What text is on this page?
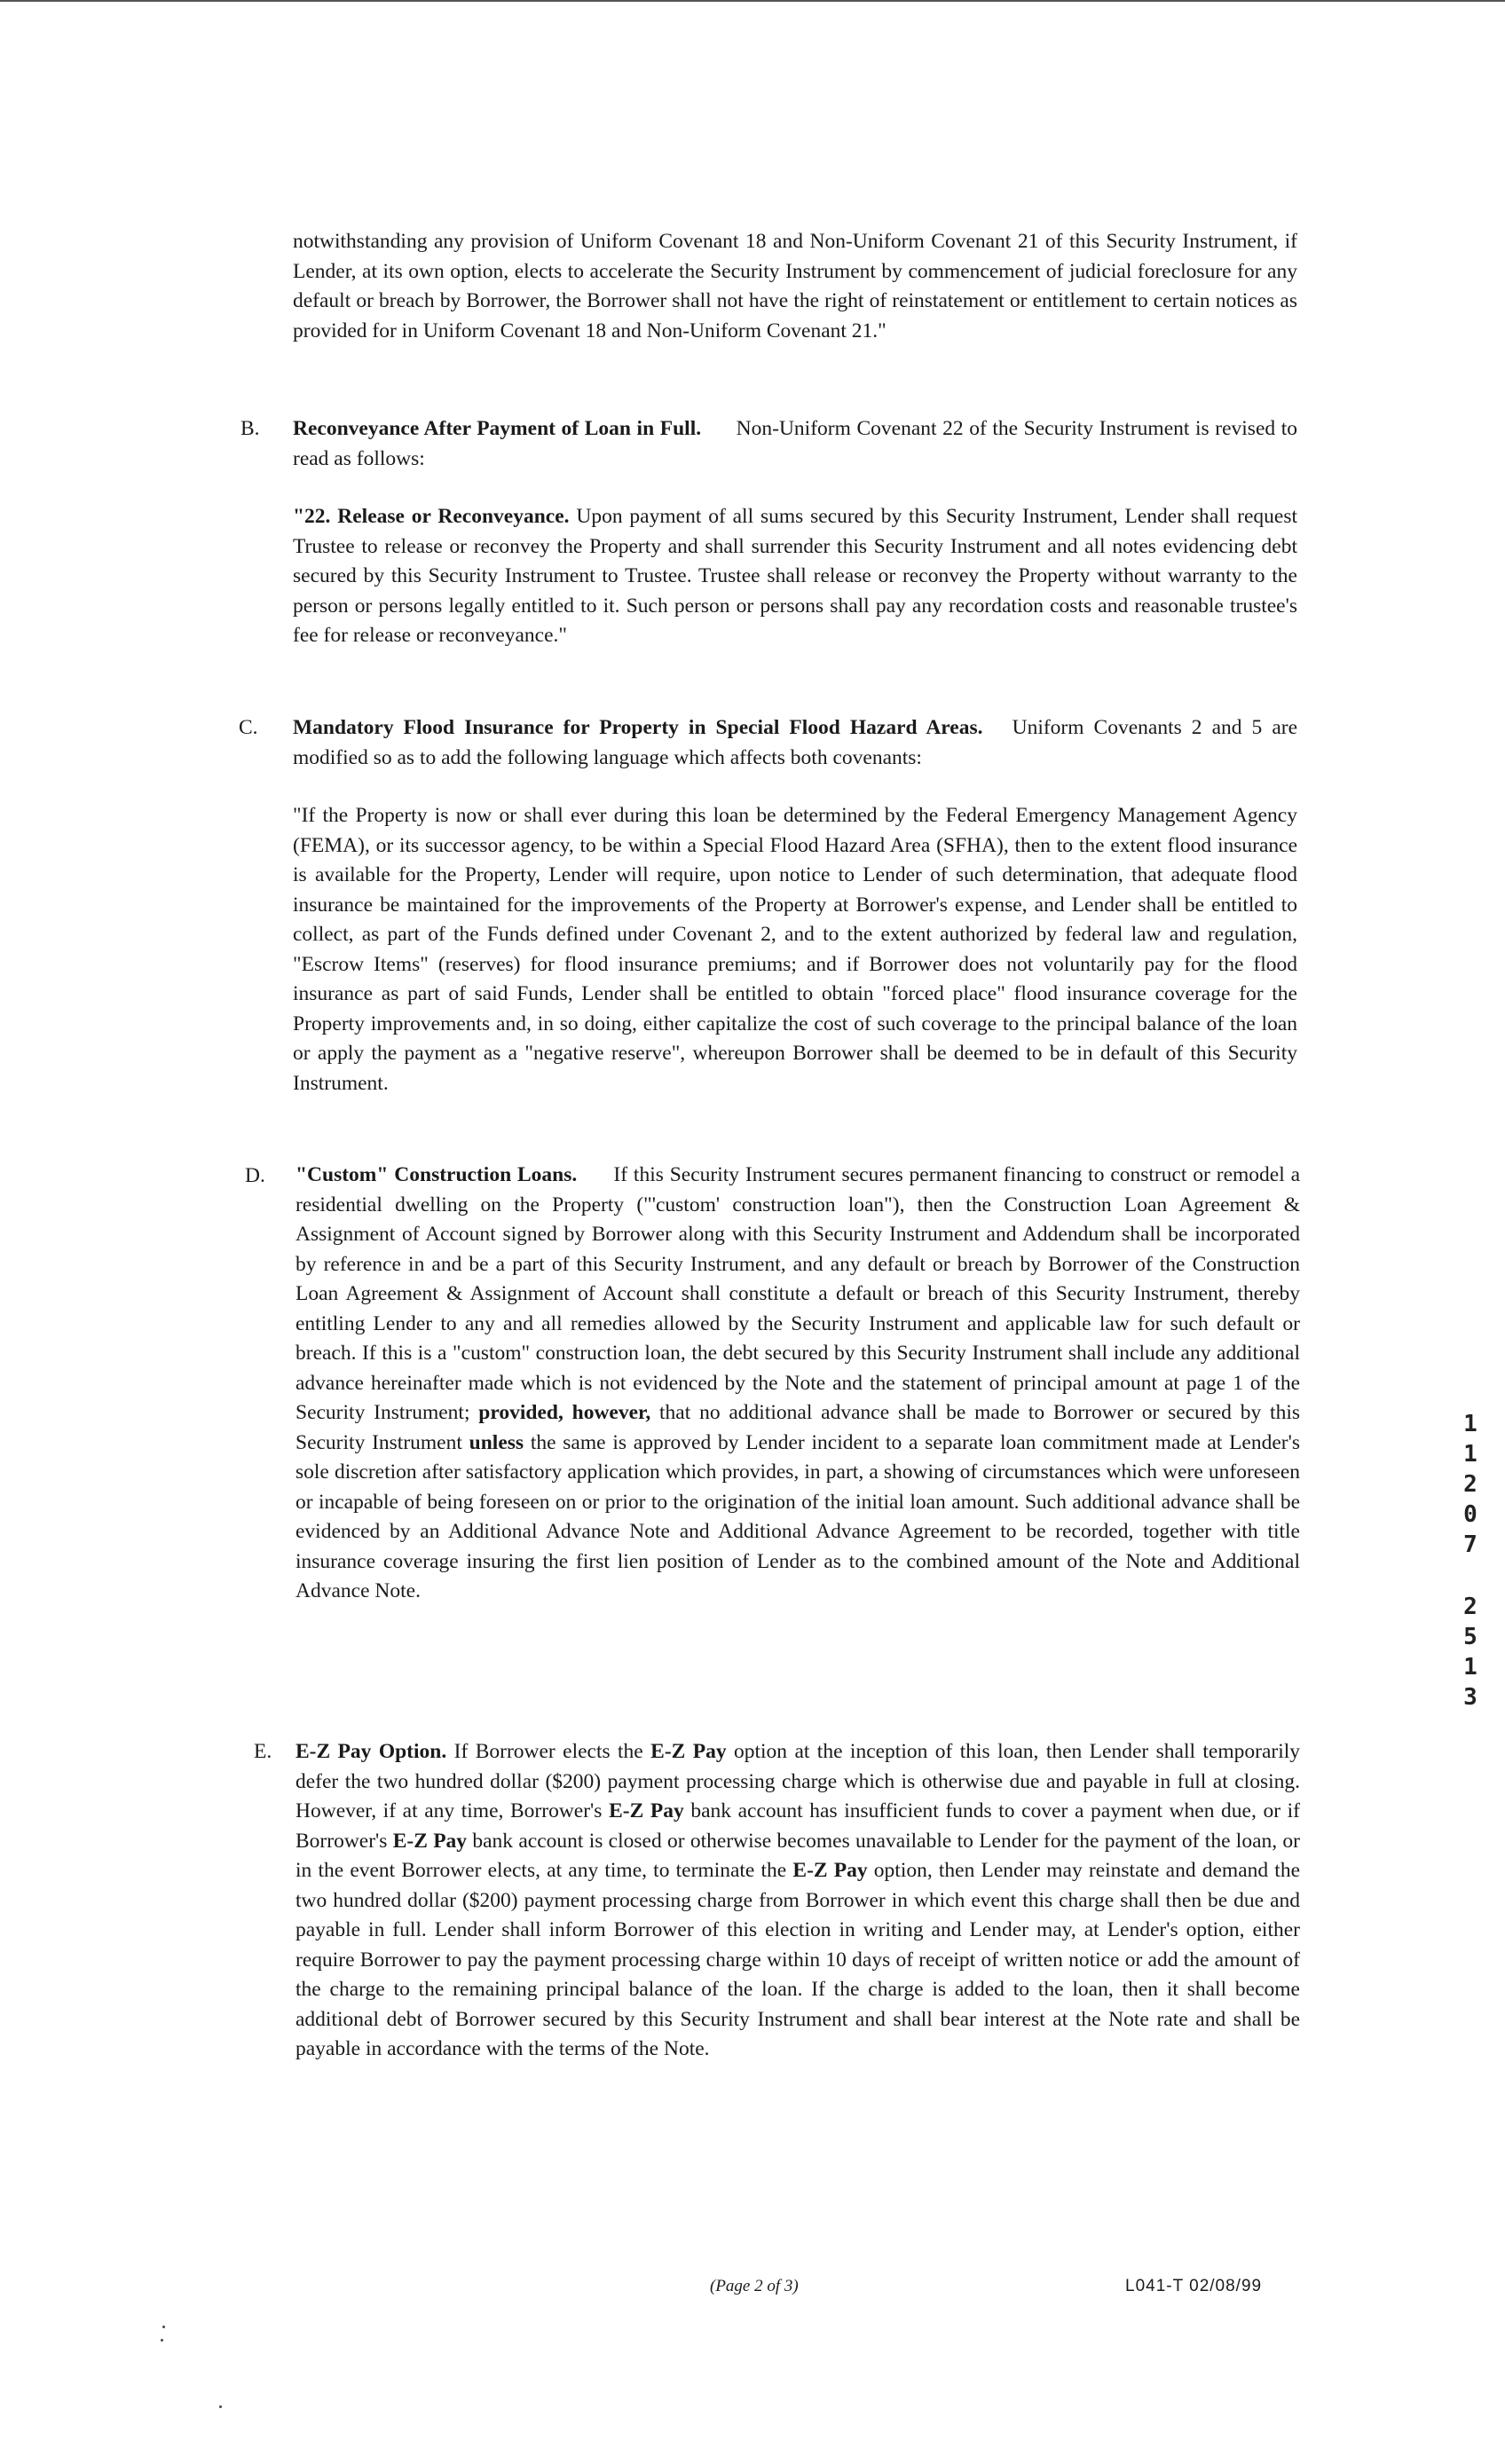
notwithstanding any provision of Uniform Covenant 18 and Non-Uniform Covenant 21 of this Security Instrument, if Lender, at its own option, elects to accelerate the Security Instrument by commencement of judicial foreclosure for any default or breach by Borrower, the Borrower shall not have the right of reinstatement or entitlement to certain notices as provided for in Uniform Covenant 18 and Non-Uniform Covenant 21."

B. Reconveyance After Payment of Loan in Full. Non-Uniform Covenant 22 of the Security Instrument is revised to read as follows:

"22. Release or Reconveyance. Upon payment of all sums secured by this Security Instrument, Lender shall request Trustee to release or reconvey the Property and shall surrender this Security Instrument and all notes evidencing debt secured by this Security Instrument to Trustee. Trustee shall release or reconvey the Property without warranty to the person or persons legally entitled to it. Such person or persons shall pay any recordation costs and reasonable trustee's fee for release or reconveyance."

C. Mandatory Flood Insurance for Property in Special Flood Hazard Areas. Uniform Covenants 2 and 5 are modified so as to add the following language which affects both covenants:

"If the Property is now or shall ever during this loan be determined by the Federal Emergency Management Agency (FEMA), or its successor agency, to be within a Special Flood Hazard Area (SFHA), then to the extent flood insurance is available for the Property, Lender will require, upon notice to Lender of such determination, that adequate flood insurance be maintained for the improvements of the Property at Borrower's expense, and Lender shall be entitled to collect, as part of the Funds defined under Covenant 2, and to the extent authorized by federal law and regulation, "Escrow Items" (reserves) for flood insurance premiums; and if Borrower does not voluntarily pay for the flood insurance as part of said Funds, Lender shall be entitled to obtain "forced place" flood insurance coverage for the Property improvements and, in so doing, either capitalize the cost of such coverage to the principal balance of the loan or apply the payment as a "negative reserve", whereupon Borrower shall be deemed to be in default of this Security Instrument.

D. "Custom" Construction Loans. If this Security Instrument secures permanent financing to construct or remodel a residential dwelling on the Property ("'custom' construction loan"), then the Construction Loan Agreement & Assignment of Account signed by Borrower along with this Security Instrument and Addendum shall be incorporated by reference in and be a part of this Security Instrument, and any default or breach by Borrower of the Construction Loan Agreement & Assignment of Account shall constitute a default or breach of this Security Instrument, thereby entitling Lender to any and all remedies allowed by the Security Instrument and applicable law for such default or breach. If this is a "custom" construction loan, the debt secured by this Security Instrument shall include any additional advance hereinafter made which is not evidenced by the Note and the statement of principal amount at page 1 of the Security Instrument; provided, however, that no additional advance shall be made to Borrower or secured by this Security Instrument unless the same is approved by Lender incident to a separate loan commitment made at Lender's sole discretion after satisfactory application which provides, in part, a showing of circumstances which were unforeseen or incapable of being foreseen on or prior to the origination of the initial loan amount. Such additional advance shall be evidenced by an Additional Advance Note and Additional Advance Agreement to be recorded, together with title insurance coverage insuring the first lien position of Lender as to the combined amount of the Note and Additional Advance Note.

E. E-Z Pay Option. If Borrower elects the E-Z Pay option at the inception of this loan, then Lender shall temporarily defer the two hundred dollar ($200) payment processing charge which is otherwise due and payable in full at closing. However, if at any time, Borrower's E-Z Pay bank account has insufficient funds to cover a payment when due, or if Borrower's E-Z Pay bank account is closed or otherwise becomes unavailable to Lender for the payment of the loan, or in the event Borrower elects, at any time, to terminate the E-Z Pay option, then Lender may reinstate and demand the two hundred dollar ($200) payment processing charge from Borrower in which event this charge shall then be due and payable in full. Lender shall inform Borrower of this election in writing and Lender may, at Lender's option, either require Borrower to pay the payment processing charge within 10 days of receipt of written notice or add the amount of the charge to the remaining principal balance of the loan. If the charge is added to the loan, then it shall become additional debt of Borrower secured by this Security Instrument and shall bear interest at the Note rate and shall be payable in accordance with the terms of the Note.

1
1
2
0
7
2
5
1
3
(Page 2 of 3)	L041-T 02/08/99
